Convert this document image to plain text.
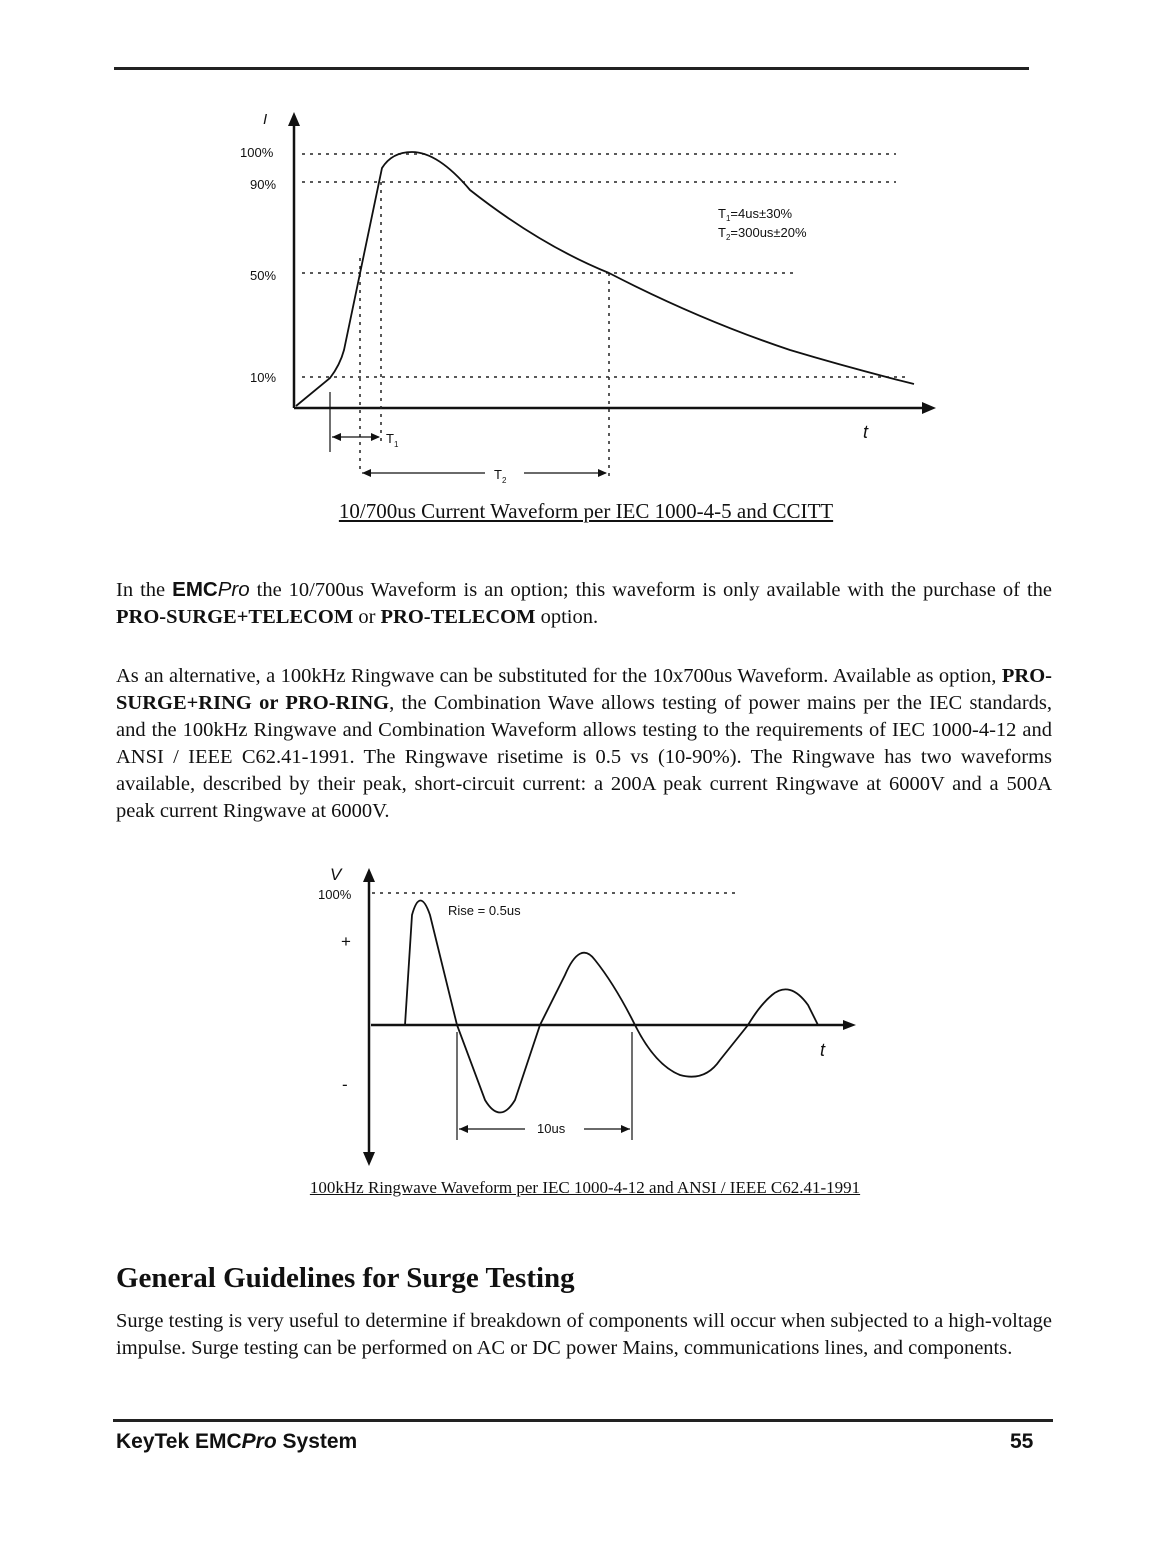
I
t
100%
90%
50%
10%
$T_1$
$T_2$
$T_1=4us\pm 30\%$
$T_2=300us\pm 20\%$
10/700us Current Waveform per IEC 1000-4-5 and CCITT

In the EMCPro the 10/700us Waveform is an option; this waveform is only available with the purchase of the PRO-SURGE+TELECOM or PRO-TELECOM option.

As an alternative, a 100kHz Ringwave can be substituted for the 10x700us Waveform. Available as option, PRO-SURGE+RING or PRO-RING, the Combination Wave allows testing of power mains per the IEC standards, and the 100kHz Ringwave and Combination Waveform allows testing to the requirements of IEC 1000-4-12 and ANSI / IEEE C62.41-1991. The Ringwave risetime is 0.5 vs (10-90%). The Ringwave has two waveforms available, described by their peak, short-circuit current: a 200A peak current Ringwave at 6000V and a 500A peak current Ringwave at 6000V.

V
t
100%
+
-
Rise = 0.5us
10us
100kHz Ringwave Waveform per IEC 1000-4-12 and ANSI / IEEE C62.41-1991
General Guidelines for Surge Testing

Surge testing is very useful to determine if breakdown of components will occur when subjected to a high-voltage impulse. Surge testing can be performed on AC or DC power Mains, communications lines, and components.

KeyTek EMCPro System	55
